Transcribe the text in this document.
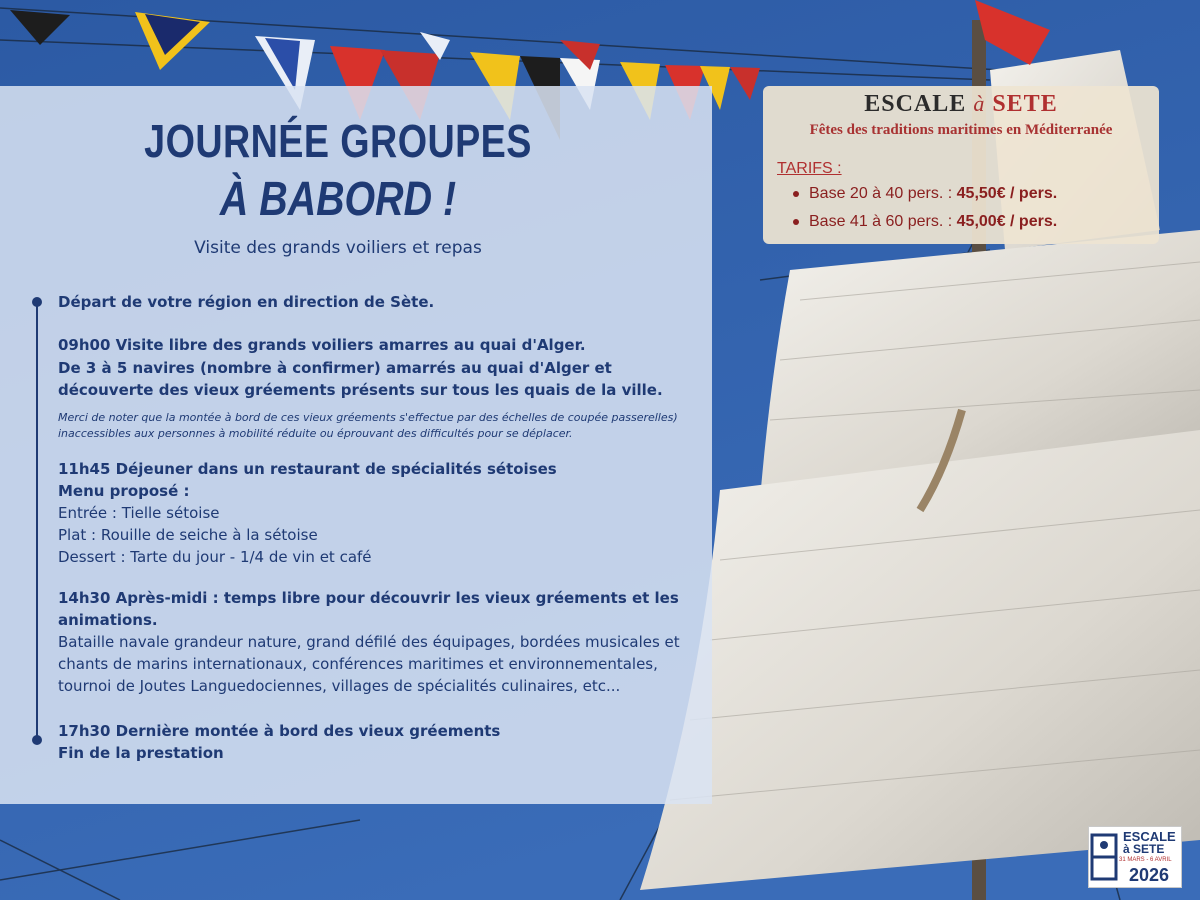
JOURNÉE GROUPES
À BABORD !
Visite des grands voiliers et repas
Départ de votre région en direction de Sète.
09h00 Visite libre des grands voiliers amarres au quai d'Alger.
De 3 à 5 navires (nombre à confirmer) amarrés au quai d'Alger et découverte des vieux gréements présents sur tous les quais de la ville.
Merci de noter que la montée à bord de ces vieux gréements s'effectue par des échelles de coupée passerelles) inaccessibles aux personnes à mobilité réduite ou éprouvant des difficultés pour se déplacer.
11h45 Déjeuner dans un restaurant de spécialités sétoises
Menu proposé :
Entrée : Tielle sétoise
Plat : Rouille de seiche à la sétoise
Dessert : Tarte du jour - 1/4 de vin et café
14h30 Après-midi : temps libre pour découvrir les vieux gréements et les animations.
Bataille navale grandeur nature, grand défilé des équipages, bordées musicales et chants de marins internationaux, conférences maritimes et environnementales, tournoi de Joutes Languedociennes, villages de spécialités culinaires, etc...
17h30 Dernière montée à bord des vieux gréements
Fin de la prestation
ESCALE à SETE
Fêtes des traditions maritimes en Méditerranée
TARIFS :
Base 20 à 40 pers. : 45,50€ / pers.
Base 41 à 60 pers. : 45,00€ / pers.
ESCALE
à SETE
31 MARS - 6 AVRIL
2026
